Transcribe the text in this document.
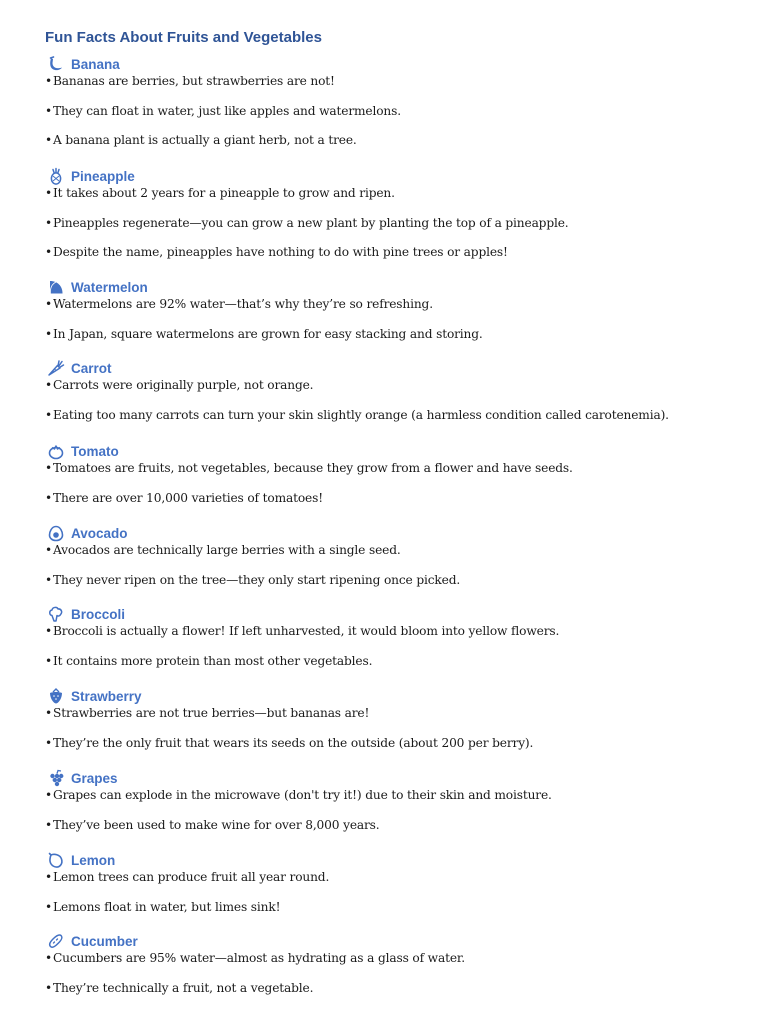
Fun Facts About Fruits and Vegetables
Banana

•Bananas are berries, but strawberries are not!

•They can float in water, just like apples and watermelons.

•A banana plant is actually a giant herb, not a tree.

Pineapple

•It takes about 2 years for a pineapple to grow and ripen.

•Pineapples regenerate—you can grow a new plant by planting the top of a pineapple.

•Despite the name, pineapples have nothing to do with pine trees or apples!

Watermelon

•Watermelons are 92% water—that’s why they’re so refreshing.

•In Japan, square watermelons are grown for easy stacking and storing.

Carrot

•Carrots were originally purple, not orange.

•Eating too many carrots can turn your skin slightly orange (a harmless condition called carotenemia).

Tomato

•Tomatoes are fruits, not vegetables, because they grow from a flower and have seeds.

•There are over 10,000 varieties of tomatoes!

Avocado

•Avocados are technically large berries with a single seed.

•They never ripen on the tree—they only start ripening once picked.

Broccoli

•Broccoli is actually a flower! If left unharvested, it would bloom into yellow flowers.

•It contains more protein than most other vegetables.

Strawberry

•Strawberries are not true berries—but bananas are!

•They’re the only fruit that wears its seeds on the outside (about 200 per berry).

Grapes

•Grapes can explode in the microwave (don't try it!) due to their skin and moisture.

•They’ve been used to make wine for over 8,000 years.

Lemon

•Lemon trees can produce fruit all year round.

•Lemons float in water, but limes sink!

Cucumber

•Cucumbers are 95% water—almost as hydrating as a glass of water.

•They’re technically a fruit, not a vegetable.
